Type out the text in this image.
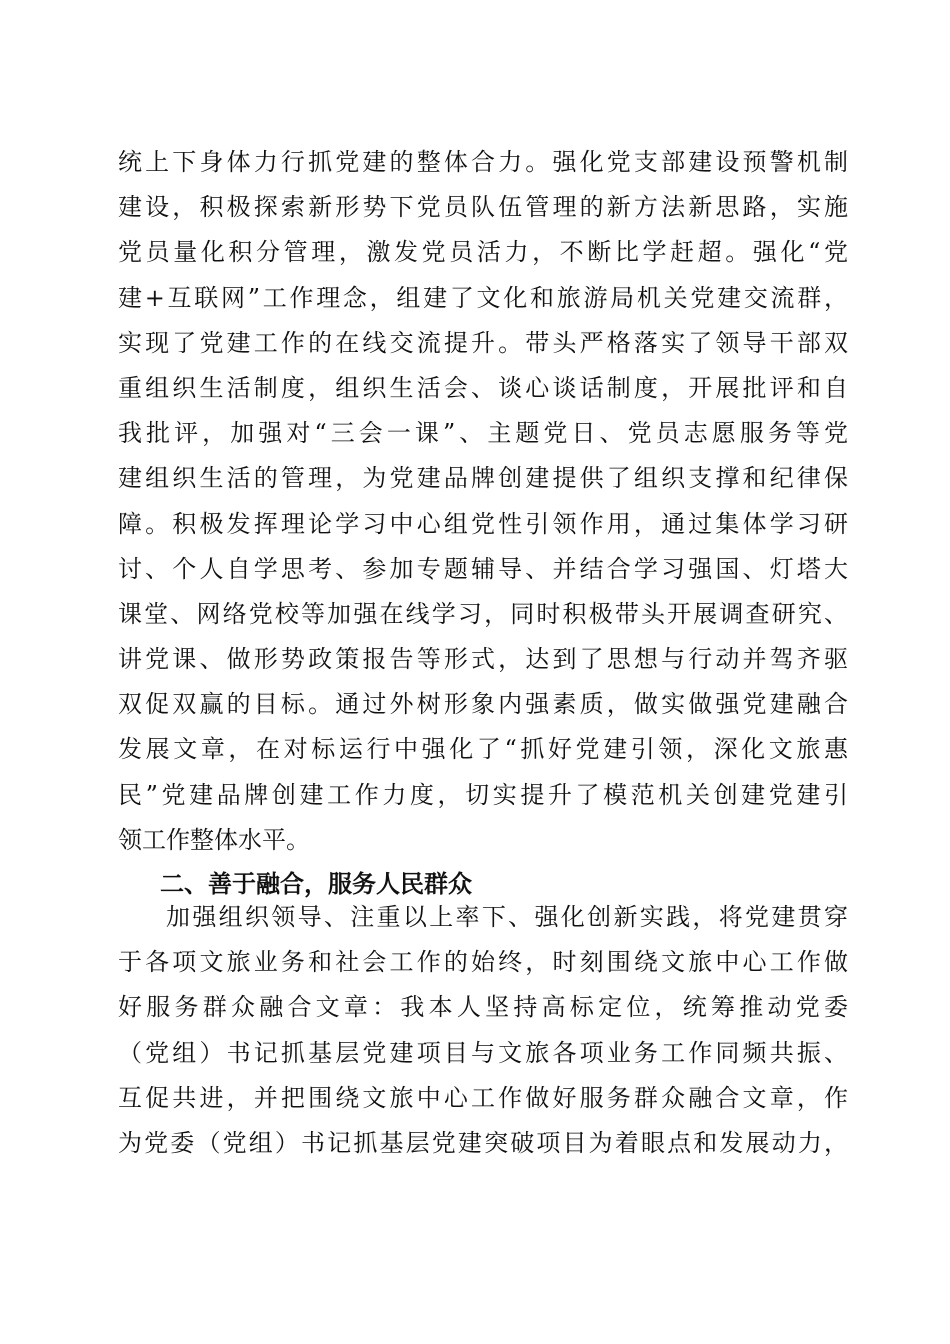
统上下身体力行抓党建的整体合力。强化党支部建设预警机制
建设，积极探索新形势下党员队伍管理的新方法新思路，实施
党员量化积分管理，激发党员活力，不断比学赶超。强化“党
建+互联网”工作理念，组建了文化和旅游局机关党建交流群，
实现了党建工作的在线交流提升。带头严格落实了领导干部双
重组织生活制度，组织生活会、谈心谈话制度，开展批评和自
我批评，加强对“三会一课”、主题党日、党员志愿服务等党
建组织生活的管理，为党建品牌创建提供了组织支撑和纪律保
障。积极发挥理论学习中心组党性引领作用，通过集体学习研
讨、个人自学思考、参加专题辅导、并结合学习强国、灯塔大
课堂、网络党校等加强在线学习，同时积极带头开展调查研究、
讲党课、做形势政策报告等形式，达到了思想与行动并驾齐驱
双促双赢的目标。通过外树形象内强素质，做实做强党建融合
发展文章，在对标运行中强化了“抓好党建引领，深化文旅惠
民”党建品牌创建工作力度，切实提升了模范机关创建党建引
领工作整体水平。
二、善于融合，服务人民群众
加强组织领导、注重以上率下、强化创新实践，将党建贯穿
于各项文旅业务和社会工作的始终，时刻围绕文旅中心工作做
好服务群众融合文章：我本人坚持高标定位，统筹推动党委
（党组）书记抓基层党建项目与文旅各项业务工作同频共振、
互促共进，并把围绕文旅中心工作做好服务群众融合文章，作
为党委（党组）书记抓基层党建突破项目为着眼点和发展动力，
